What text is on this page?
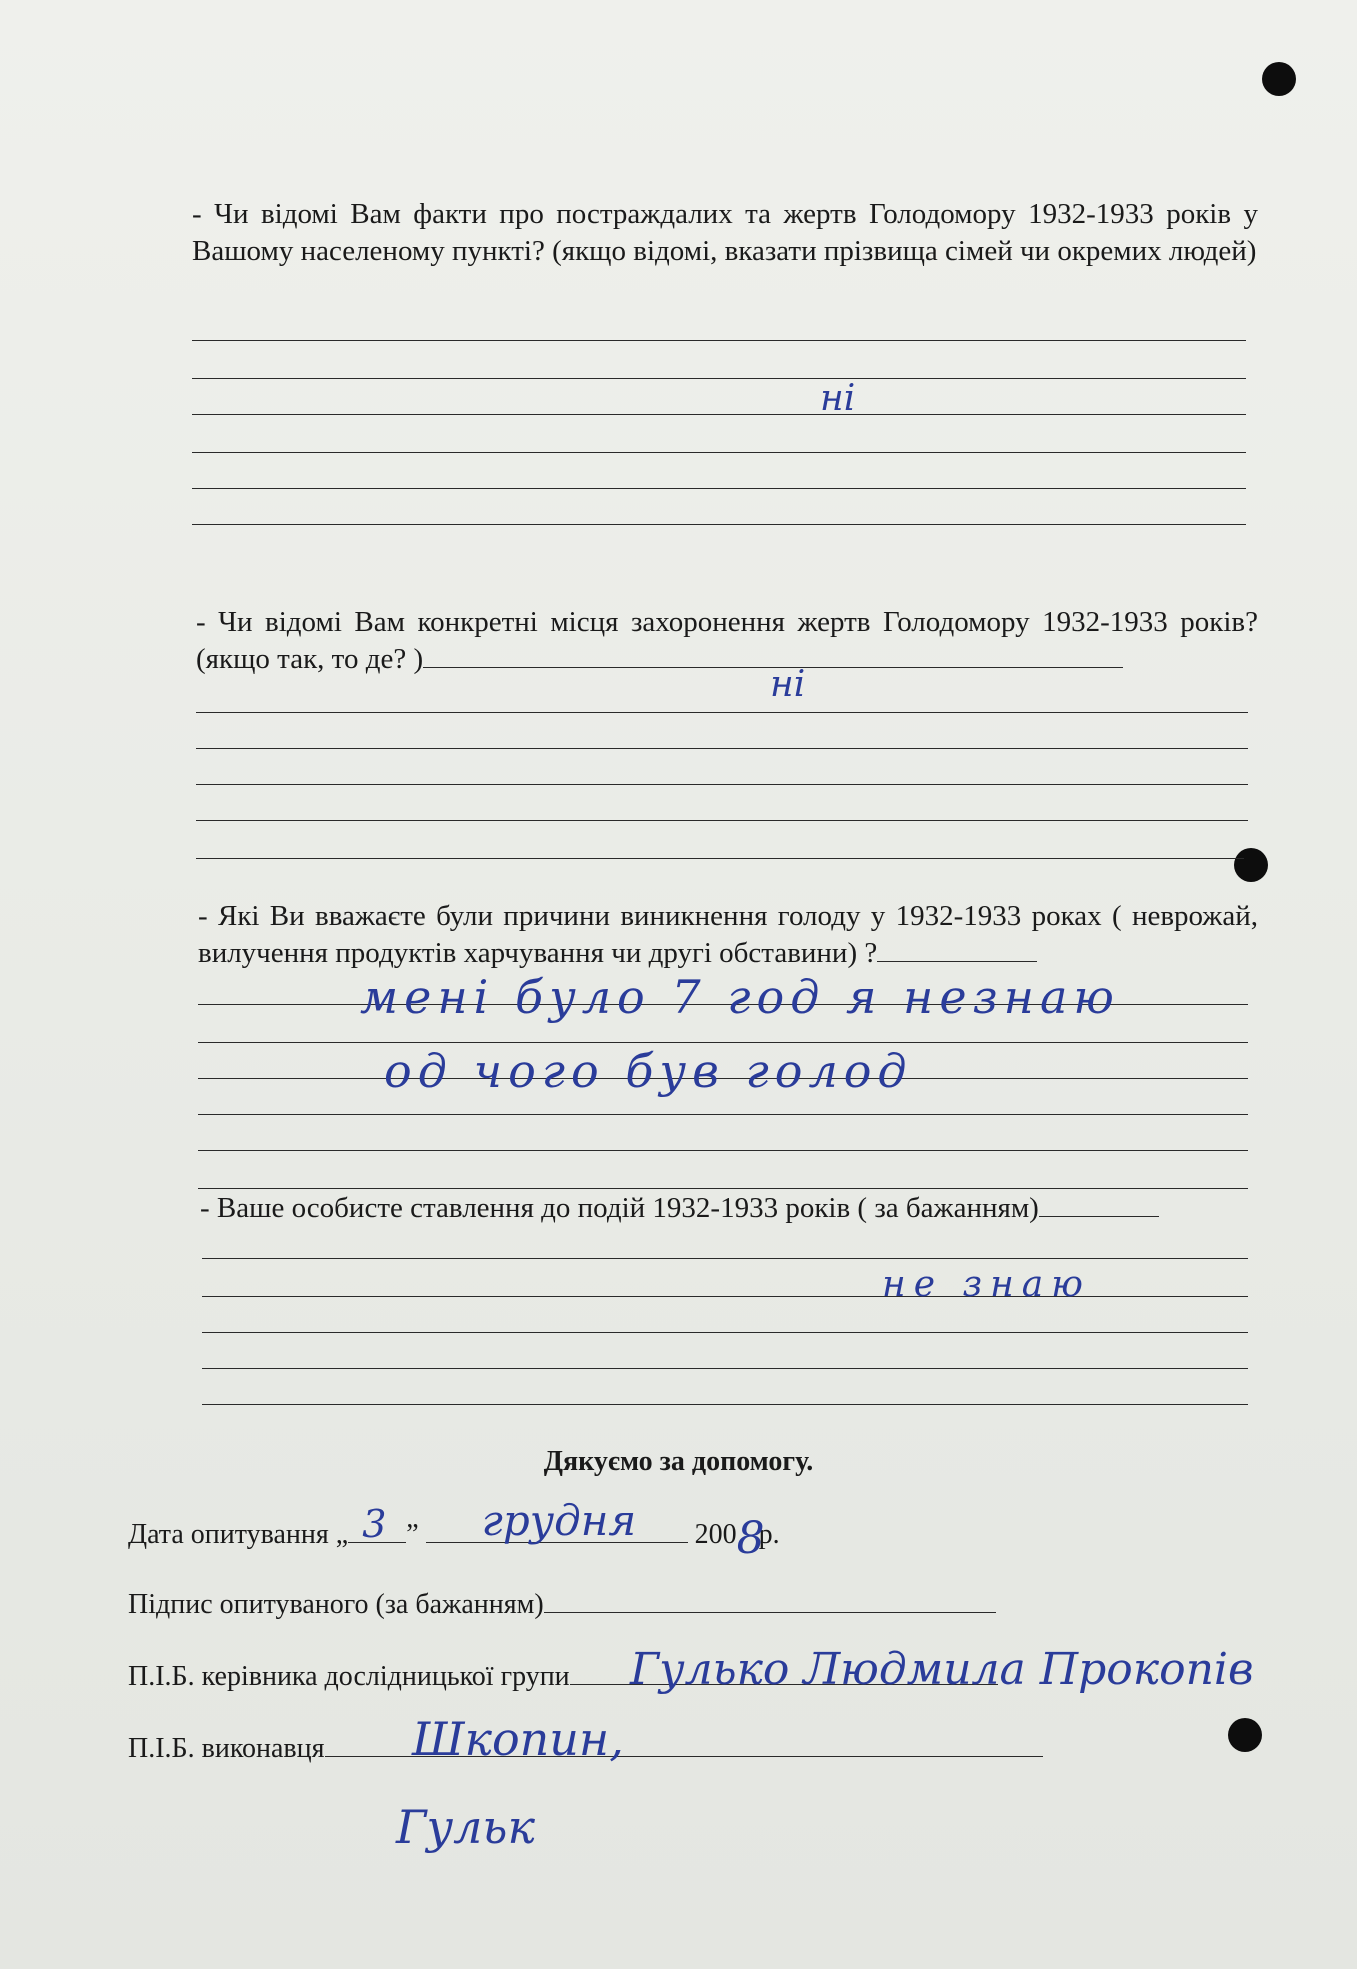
- Чи відомі Вам факти про постраждалих та жертв Голодомору 1932-1933 років у Вашому населеному пункті? (якщо відомі, вказати прізвища сімей чи окремих людей)
ні
- Чи відомі Вам конкретні місця захоронення жертв Голодомору 1932-1933 років? (якщо так, то де? )
ні
- Які Ви вважаєте були причини виникнення голоду у 1932-1933 роках ( неврожай, вилучення продуктів харчування чи другі обставини) ?
мені було 7 год я незнаю
од чого був голод
- Ваше особисте ставлення до подій 1932-1933 років ( за бажанням)
не знаю
Дякуємо за допомогу.
Дата опитування „ 3 ” грудня 200 8
р.
Підпис опитуваного (за бажанням)
П.І.Б. керівника дослідницької групи	Гулько Людмила Прокопів
П.І.Б. виконавця	Шкопин,
Гульк
